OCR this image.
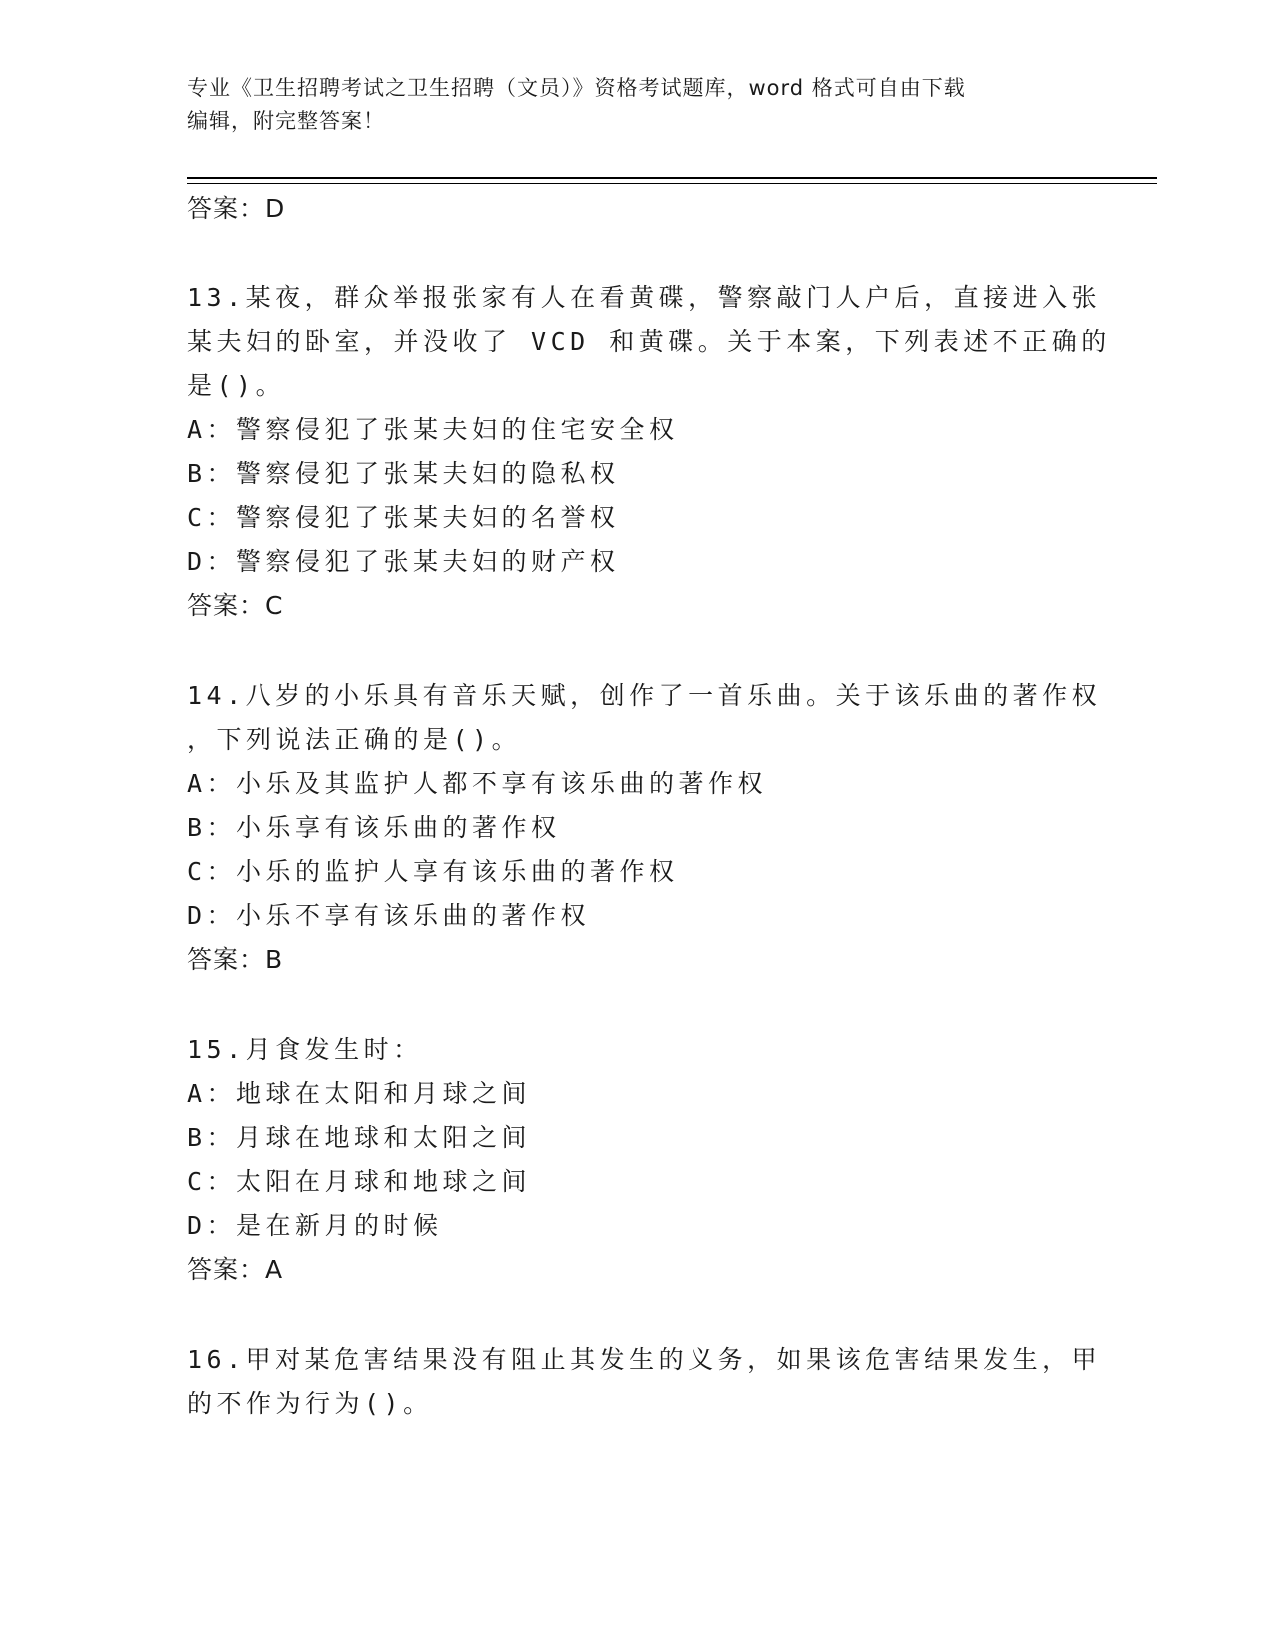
专业《卫生招聘考试之卫生招聘（文员）》资格考试题库，word 格式可自由下载
编辑，附完整答案！
答案：D
13.某夜，群众举报张家有人在看黄碟，警察敲门人户后，直接进入张
某夫妇的卧室，并没收了 VCD 和黄碟。关于本案，下列表述不正确的
是()。
A：警察侵犯了张某夫妇的住宅安全权
B：警察侵犯了张某夫妇的隐私权
C：警察侵犯了张某夫妇的名誉权
D：警察侵犯了张某夫妇的财产权
答案：C
14.八岁的小乐具有音乐天赋，创作了一首乐曲。关于该乐曲的著作权
，下列说法正确的是()。
A：小乐及其监护人都不享有该乐曲的著作权
B：小乐享有该乐曲的著作权
C：小乐的监护人享有该乐曲的著作权
D：小乐不享有该乐曲的著作权
答案：B
15.月食发生时：
A：地球在太阳和月球之间
B：月球在地球和太阳之间
C：太阳在月球和地球之间
D：是在新月的时候
答案：A
16.甲对某危害结果没有阻止其发生的义务，如果该危害结果发生，甲
的不作为行为()。
